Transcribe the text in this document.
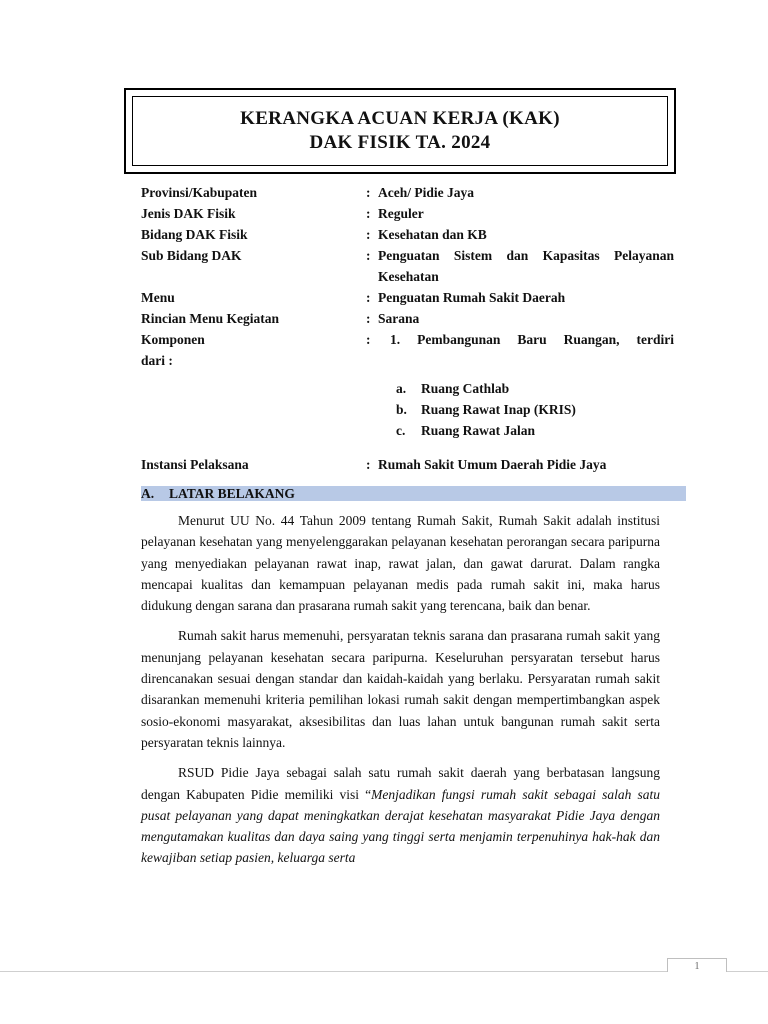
KERANGKA ACUAN KERJA (KAK)
DAK FISIK TA. 2024
Provinsi/Kabupaten	: Aceh/ Pidie Jaya
Jenis DAK Fisik	: Reguler
Bidang DAK Fisik	: Kesehatan dan KB
Sub Bidang DAK	: Penguatan Sistem dan Kapasitas Pelayanan Kesehatan
Menu	: Penguatan Rumah Sakit Daerah
Rincian Menu Kegiatan	: Sarana
Komponen	:	1. Pembangunan Baru Ruangan, terdiri
dari :
a.	Ruang Cathlab
b.	Ruang Rawat Inap (KRIS)
c.	Ruang Rawat Jalan
Instansi Pelaksana	: Rumah Sakit Umum Daerah Pidie Jaya
A. LATAR BELAKANG

Menurut UU No. 44 Tahun 2009 tentang Rumah Sakit, Rumah Sakit adalah institusi pelayanan kesehatan yang menyelenggarakan pelayanan kesehatan perorangan secara paripurna yang menyediakan pelayanan rawat inap, rawat jalan, dan gawat darurat. Dalam rangka mencapai kualitas dan kemampuan pelayanan medis pada rumah sakit ini, maka harus didukung dengan sarana dan prasarana rumah sakit yang terencana, baik dan benar.

Rumah sakit harus memenuhi, persyaratan teknis sarana dan prasarana rumah sakit yang menunjang pelayanan kesehatan secara paripurna. Keseluruhan persyaratan tersebut harus direncanakan sesuai dengan standar dan kaidah-kaidah yang berlaku. Persyaratan rumah sakit disarankan memenuhi kriteria pemilihan lokasi rumah sakit dengan mempertimbangkan aspek sosio-ekonomi masyarakat, aksesibilitas dan luas lahan untuk bangunan rumah sakit serta persyaratan teknis lainnya.

RSUD Pidie Jaya sebagai salah satu rumah sakit daerah yang berbatasan langsung dengan Kabupaten Pidie memiliki visi “Menjadikan fungsi rumah sakit sebagai salah satu pusat pelayanan yang dapat meningkatkan derajat kesehatan masyarakat Pidie Jaya dengan mengutamakan kualitas dan daya saing yang tinggi serta menjamin terpenuhinya hak-hak dan kewajiban setiap pasien, keluarga serta

1
